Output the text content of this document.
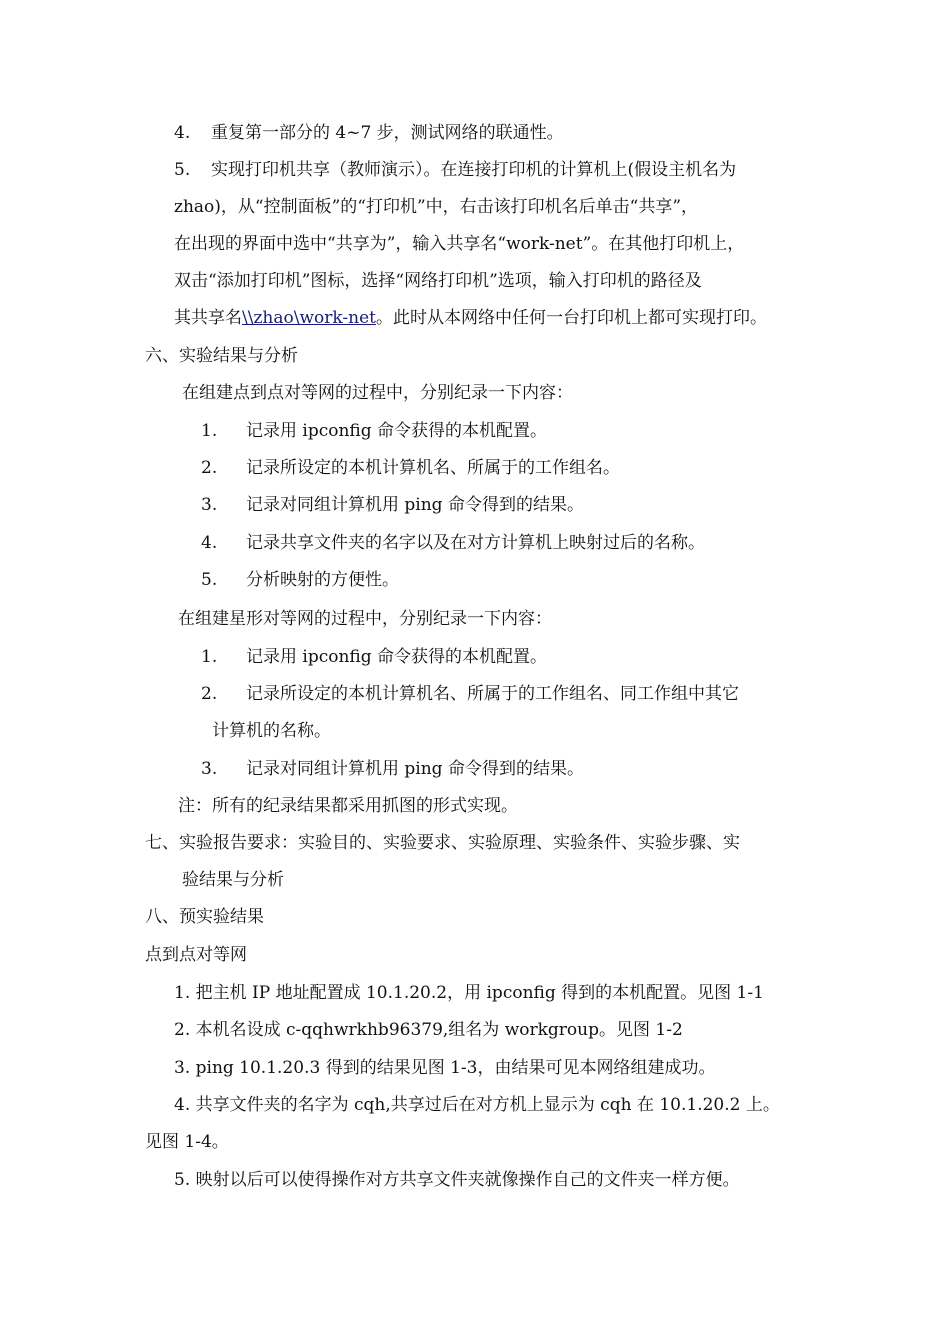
4. 重复第一部分的 4~7 步，测试网络的联通性。
5. 实现打印机共享（教师演示）。在连接打印机的计算机上(假设主机名为
zhao)，从“控制面板”的“打印机”中，右击该打印机名后单击“共享”，
在出现的界面中选中“共享为”，输入共享名“work-net”。在其他打印机上，
双击“添加打印机”图标，选择“网络打印机”选项，输入打印机的路径及
其共享名\\zhao\work-net。此时从本网络中任何一台打印机上都可实现打印。
六、实验结果与分析
在组建点到点对等网的过程中，分别纪录一下内容：
1. 记录用 ipconfig 命令获得的本机配置。
2. 记录所设定的本机计算机名、所属于的工作组名。
3. 记录对同组计算机用 ping 命令得到的结果。
4. 记录共享文件夹的名字以及在对方计算机上映射过后的名称。
5. 分析映射的方便性。
在组建星形对等网的过程中，分别纪录一下内容：
1. 记录用 ipconfig 命令获得的本机配置。
2. 记录所设定的本机计算机名、所属于的工作组名、同工作组中其它
计算机的名称。
3. 记录对同组计算机用 ping 命令得到的结果。
注：所有的纪录结果都采用抓图的形式实现。
七、实验报告要求：实验目的、实验要求、实验原理、实验条件、实验步骤、实
验结果与分析
八、预实验结果
点到点对等网
1. 把主机 IP 地址配置成 10.1.20.2，用 ipconfig 得到的本机配置。见图 1-1
2. 本机名设成 c-qqhwrkhb96379,组名为 workgroup。见图 1-2
3. ping 10.1.20.3 得到的结果见图 1-3，由结果可见本网络组建成功。
4. 共享文件夹的名字为 cqh,共享过后在对方机上显示为 cqh 在 10.1.20.2 上。
见图 1-4。
5. 映射以后可以使得操作对方共享文件夹就像操作自己的文件夹一样方便。
